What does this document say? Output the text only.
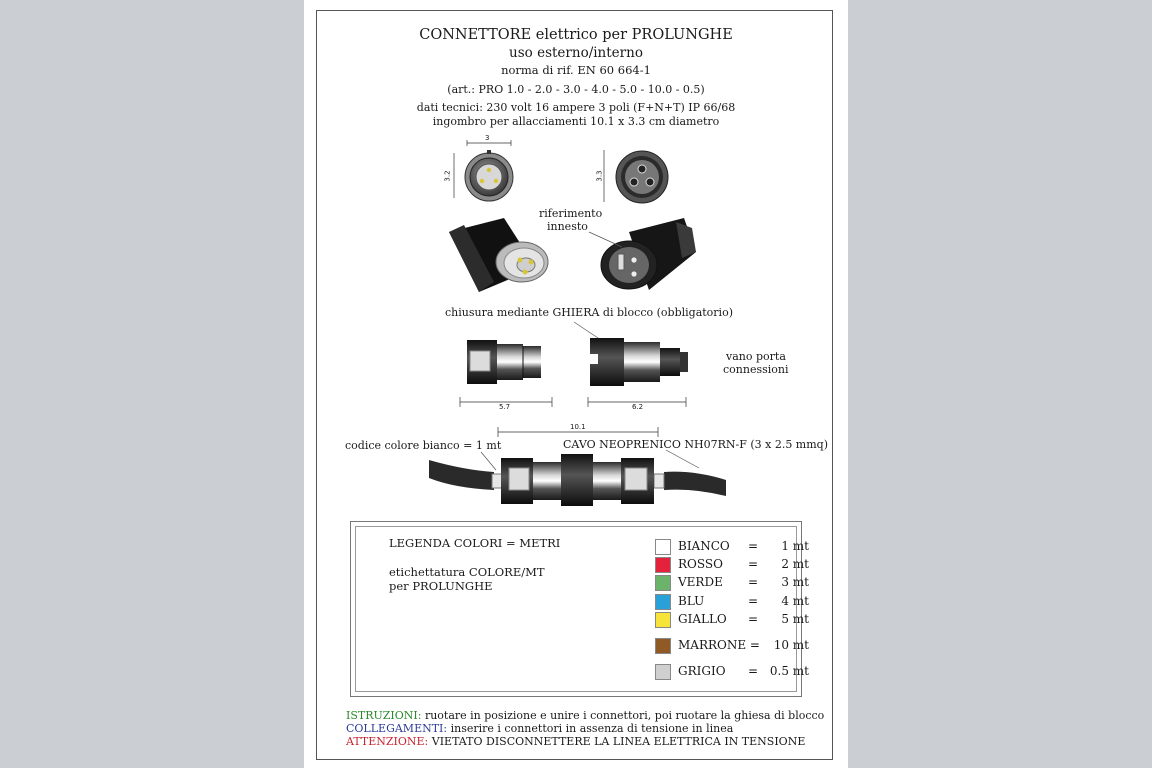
CONNETTORE elettrico per PROLUNGHE
uso esterno/interno
norma di rif. EN 60 664-1
(art.: PRO 1.0 - 2.0 - 3.0 - 4.0 - 5.0 - 10.0 - 0.5)
dati tecnici: 230 volt 16 ampere 3 poli (F+N+T) IP 66/68
ingombro per allacciamenti 10.1 x 3.3 cm diametro
3
3.2	3.3
5.7	6.2
10.1
riferimento
innesto
chiusura mediante GHIERA di blocco (obbligatorio)
vano porta
connessioni
codice colore bianco = 1 mt	CAVO NEOPRENICO NH07RN-F (3 x 2.5 mmq)
LEGENDA COLORI = METRI
etichettatura COLORE/MT
per PROLUNGHE
BIANCO =	1 mt
ROSSO =	2 mt
VERDE =	3 mt
BLU	=	4 mt
GIALLO =	5 mt
MARRONE =	10 mt
GRIGIO = 0.5 mt
ISTRUZIONI: ruotare in posizione e unire i connettori, poi ruotare la ghiesa di blocco
COLLEGAMENTI: inserire i connettori in assenza di tensione in linea
ATTENZIONE: VIETATO DISCONNETTERE LA LINEA ELETTRICA IN TENSIONE
